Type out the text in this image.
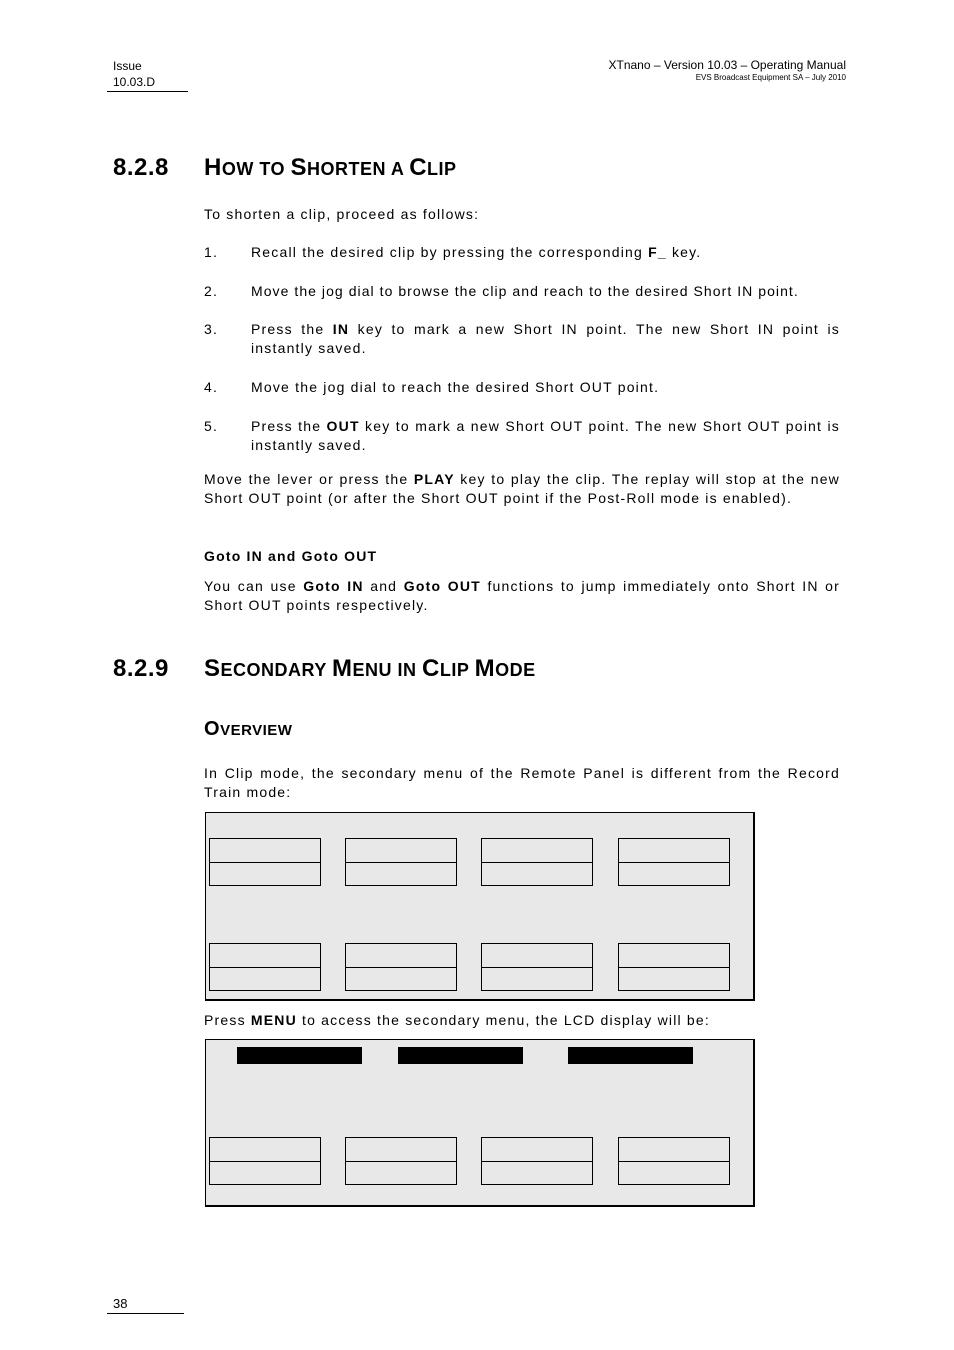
Issue
10.03.D
XTnano – Version 10.03 – Operating Manual
EVS Broadcast Equipment SA – July 2010
8.2.8 HOW TO SHORTEN A CLIP
To shorten a clip, proceed as follows:
1. Recall the desired clip by pressing the corresponding F_ key.
2. Move the jog dial to browse the clip and reach to the desired Short IN point.
3. Press the IN key to mark a new Short IN point. The new Short IN point is instantly saved.
4. Move the jog dial to reach the desired Short OUT point.
5. Press the OUT key to mark a new Short OUT point. The new Short OUT point is instantly saved.
Move the lever or press the PLAY key to play the clip. The replay will stop at the new Short OUT point (or after the Short OUT point if the Post-Roll mode is enabled).
Goto IN and Goto OUT
You can use Goto IN and Goto OUT functions to jump immediately onto Short IN or Short OUT points respectively.
8.2.9 SECONDARY MENU IN CLIP MODE
OVERVIEW
In Clip mode, the secondary menu of the Remote Panel is different from the Record Train mode:
Press MENU to access the secondary menu, the LCD display will be:
38
